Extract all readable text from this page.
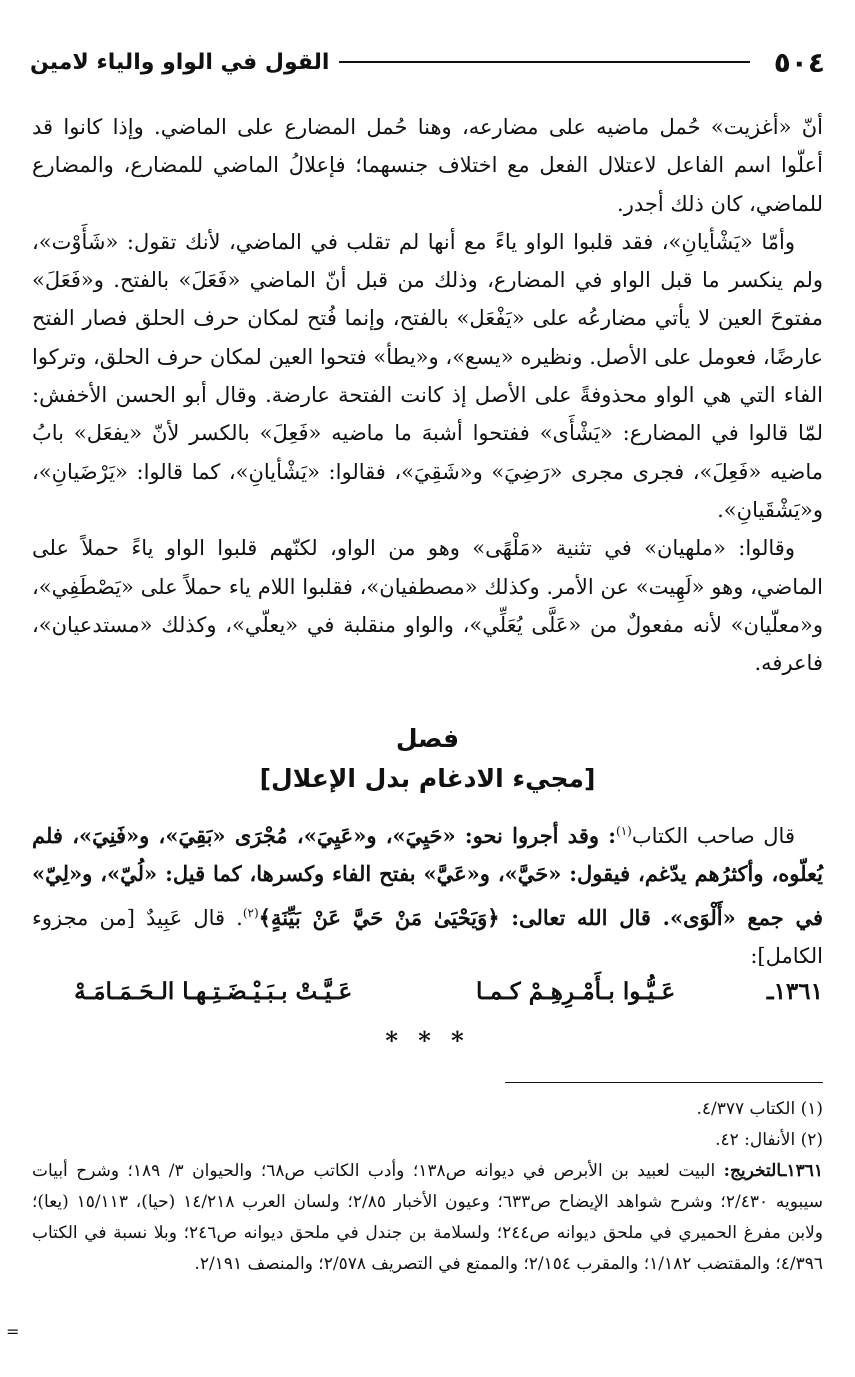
٥٠٤
القول في الواو والياء لامين

أنّ «أغزيت» حُمل ماضيه على مضارعه، وهنا حُمل المضارع على الماضي. وإذا كانوا قد أعلّوا اسم الفاعل لاعتلال الفعل مع اختلاف جنسهما؛ فإعلالُ الماضي للمضارع، والمضارع للماضي، كان ذلك أجدر.

وأمّا «يَشْأيانِ»، فقد قلبوا الواو ياءً مع أنها لم تقلب في الماضي، لأنك تقول: «شَأَوْت»، ولم ينكسر ما قبل الواو في المضارع، وذلك من قبل أنّ الماضي «فَعَلَ» بالفتح. و«فَعَلَ» مفتوحَ العين لا يأتي مضارعُه على «يَفْعَل» بالفتح، وإنما فُتح لمكان حرف الحلق فصار الفتح عارضًا، فعومل على الأصل. ونظيره «يسع»، و«يطأ» فتحوا العين لمكان حرف الحلق، وتركوا الفاء التي هي الواو محذوفةً على الأصل إذ كانت الفتحة عارضة. وقال أبو الحسن الأخفش: لمّا قالوا في المضارع: «يَشْأَى» ففتحوا أشبهَ ما ماضيه «فَعِلَ» بالكسر لأنّ «يفعَل» بابُ ماضيه «فَعِلَ»، فجرى مجرى «رَضِيَ» و«شَقِيَ»، فقالوا: «يَشْأيانِ»، كما قالوا: «يَرْضَيانِ»، و«يَشْقَيانِ».

وقالوا: «ملهيان» في تثنية «مَلْهًى» وهو من الواو، لكنّهم قلبوا الواو ياءً حملاً على الماضي، وهو «لَهِيت» عن الأمر. وكذلك «مصطفيان»، فقلبوا اللام ياء حملاً على «يَصْطَفِي»، و«معلّيان» لأنه مفعولٌ من «عَلَّى يُعَلِّي»، والواو منقلبة في «يعلّي»، وكذلك «مستدعيان»، فاعرفه.

فصل
[مجيء الادغام بدل الإعلال]

قال صاحب الكتاب$^{(١)}$: وقد أجروا نحو: «حَيِيَ»، و«عَيِيَ»، مُجْرَى «بَقِيَ»، و«فَنِيَ»، فلم يُعلّوه، وأكثرُهم يدّغم، فيقول: «حَيَّ»، و«عَيَّ» بفتح الفاء وكسرها، كما قيل: «لُيّ»، و«لِيّ» في جمع «أَلْوَى». قال الله تعالى: ﴿وَيَحْيَىٰ مَنْ حَيَّ عَنْ بَيِّنَةٍ﴾$^{(٢)}$. قال عَبِيدٌ [من مجزوء الكامل]:

١٣٦١ـ
عَـيُّـوا بـأَمْـرِهِـمْ كـمـا
عَـيَّـتْ بـبَـيْـضَـتِـهـا الـحَـمَـامَـهْ
* * *

(١) الكتاب ٤/٣٧٧.

(٢) الأنفال: ٤٢.

١٣٦١ـالتخريج: البيت لعبيد بن الأبرص في ديوانه ص١٣٨؛ وأدب الكاتب ص٦٨؛ والحيوان ٣/ ١٨٩؛ وشرح أبيات سيبويه ٢/٤٣٠؛ وشرح شواهد الإيضاح ص٦٣٣؛ وعيون الأخبار ٢/٨٥؛ ولسان العرب ١٤/٢١٨ (حيا)، ١٥/١١٣ (يعا)؛ ولابن مفرغ الحميري في ملحق ديوانه ص٢٤٤؛ ولسلامة بن جندل في ملحق ديوانه ص٢٤٦؛ وبلا نسبة في الكتاب ٤/٣٩٦؛ والمقتضب ١/١٨٢؛ والمقرب ٢/١٥٤؛ والممتع في التصريف ٢/٥٧٨؛ والمنصف ٢/١٩١.

=
